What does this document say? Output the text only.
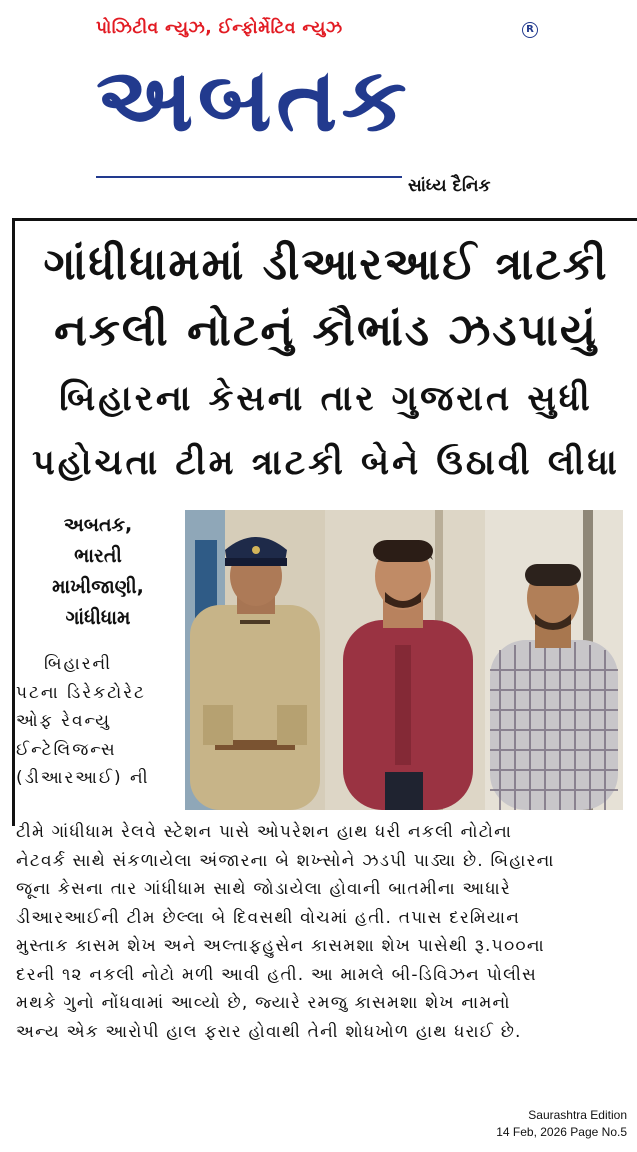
પોઝિટીવ ન્યુઝ, ઈન્ફોર્મેટિવ ન્યુઝ
અબતક
R
સાંધ્ય દૈનિક
ગાંધીધામમાં ડીઆરઆઈ ત્રાટકી
નકલી નોટનું કૌભાંડ ઝડપાયું
બિહારના કેસના તાર ગુજરાત સુધી
પહોચતા ટીમ ત્રાટકી બેને ઉઠાવી લીધા
અબતક,
ભારતી
માખીજાણી,
ગાંધીધામ
બિહારની
પટના ડિરેકટોરેટ
ઓફ રેવન્યુ
ઈન્ટેલિજન્સ
(ડીઆરઆઈ) ની
ટીમે ગાંધીધામ રેલવે સ્ટેશન પાસે ઓપરેશન હાથ ધરી નકલી નોટોના
નેટવર્ક સાથે સંકળાયેલા અંજારના બે શખ્સોને ઝડપી પાડ્યા છે. બિહારના
જૂના કેસના તાર ગાંધીધામ સાથે જોડાયેલા હોવાની બાતમીના આધારે
ડીઆરઆઈની ટીમ છેલ્લા બે દિવસથી વોચમાં હતી. તપાસ દરમિયાન
મુસ્તાક કાસમ શેખ અને અલ્તાફહુસેન કાસમશા શેખ પાસેથી રૂ.૫૦૦ના
દરની ૧૨ નકલી નોટો મળી આવી હતી. આ મામલે બી-ડિવિઝન પોલીસ
મથકે ગુનો નોંધવામાં આવ્યો છે, જ્યારે રમજુ કાસમશા શેખ નામનો
અન્ય એક આરોપી હાલ ફરાર હોવાથી તેની શોધખોળ હાથ ધરાઈ છે.
Saurashtra Edition
14 Feb, 2026 Page No.5
